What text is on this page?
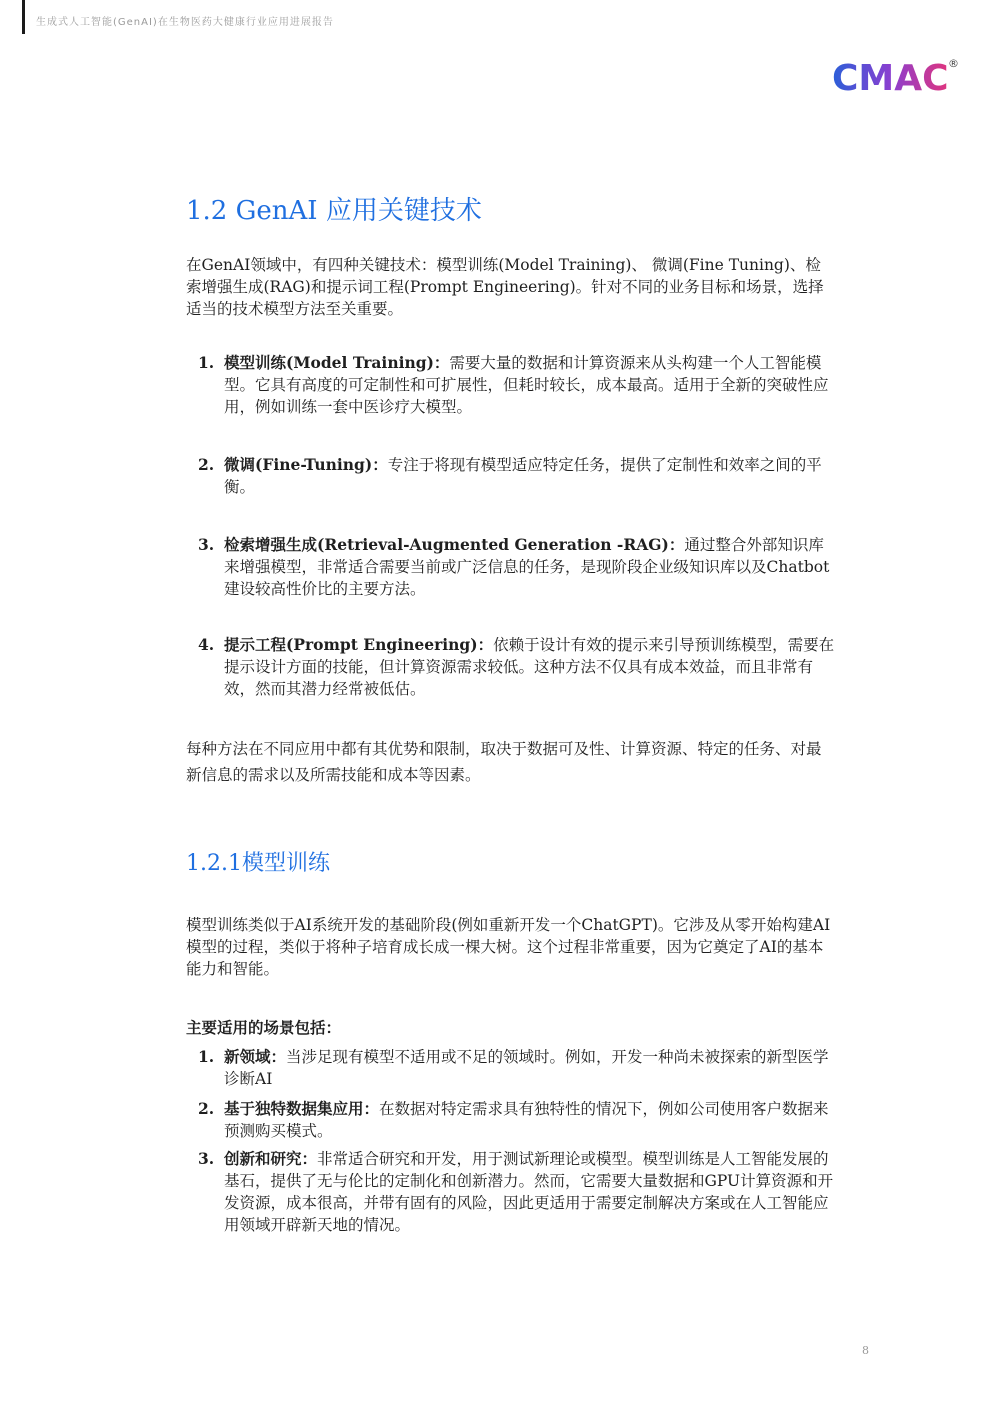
生成式人工智能(GenAI)在生物医药大健康行业应用进展报告
CMAC ®
1.2 GenAI 应用关键技术

在GenAI领域中，有四种关键技术：模型训练(Model Training)、 微调(Fine Tuning)、检索增强生成(RAG)和提示词工程(Prompt Engineering)。针对不同的业务目标和场景，选择适当的技术模型方法至关重要。

1. 模型训练(Model Training)：需要大量的数据和计算资源来从头构建一个人工智能模型。它具有高度的可定制性和可扩展性，但耗时较长，成本最高。适用于全新的突破性应用，例如训练一套中医诊疗大模型。
2. 微调(Fine-Tuning)：专注于将现有模型适应特定任务，提供了定制性和效率之间的平衡。
3. 检索增强生成(Retrieval-Augmented Generation -RAG)：通过整合外部知识库来增强模型，非常适合需要当前或广泛信息的任务，是现阶段企业级知识库以及Chatbot建设较高性价比的主要方法。
4. 提示工程(Prompt Engineering)：依赖于设计有效的提示来引导预训练模型，需要在提示设计方面的技能，但计算资源需求较低。这种方法不仅具有成本效益，而且非常有效，然而其潜力经常被低估。

每种方法在不同应用中都有其优势和限制，取决于数据可及性、计算资源、特定的任务、对最新信息的需求以及所需技能和成本等因素。

1.2.1模型训练

模型训练类似于AI系统开发的基础阶段(例如重新开发一个ChatGPT)。它涉及从零开始构建AI模型的过程，类似于将种子培育成长成一棵大树。这个过程非常重要，因为它奠定了AI的基本能力和智能。

主要适用的场景包括：

1. 新领域：当涉足现有模型不适用或不足的领域时。例如，开发一种尚未被探索的新型医学诊断AI
2. 基于独特数据集应用：在数据对特定需求具有独特性的情况下，例如公司使用客户数据来预测购买模式。
3. 创新和研究：非常适合研究和开发，用于测试新理论或模型。模型训练是人工智能发展的基石，提供了无与伦比的定制化和创新潜力。然而，它需要大量数据和GPU计算资源和开发资源，成本很高，并带有固有的风险，因此更适用于需要定制解决方案或在人工智能应用领域开辟新天地的情况。
8
